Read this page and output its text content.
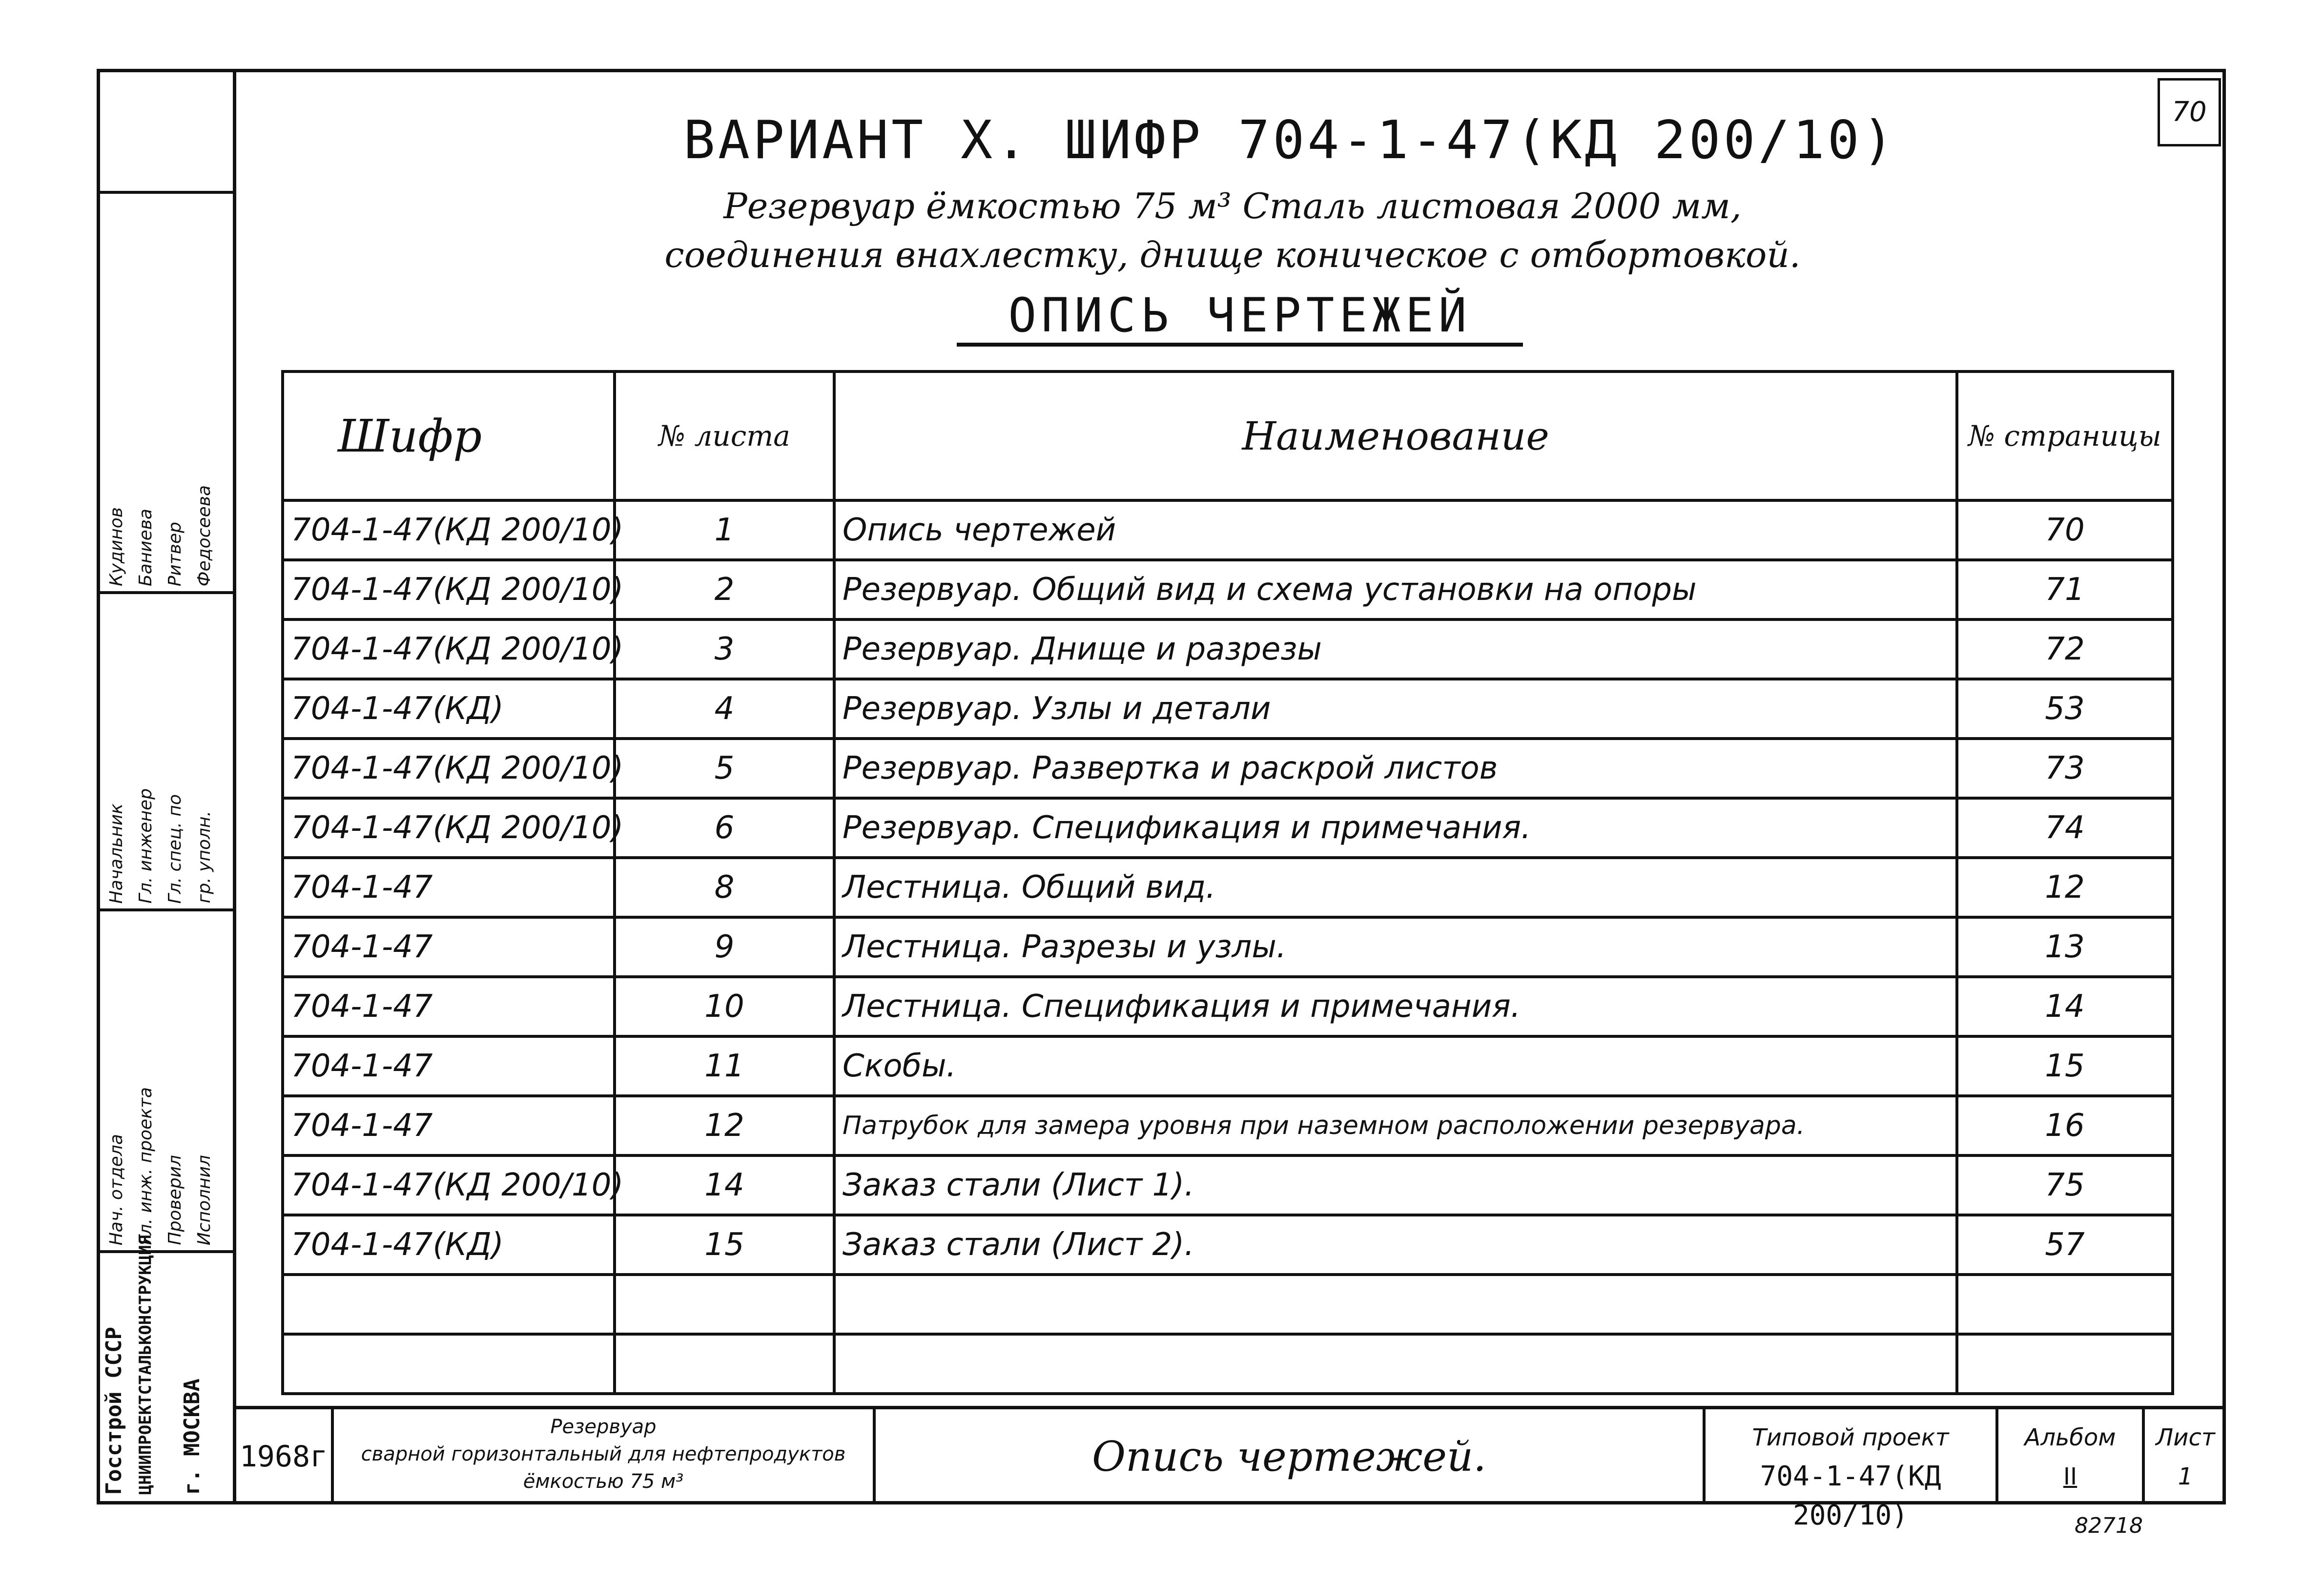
Кудинов Баниева Ритвер Федосеева
Начальник Гл. инженер Гл. спец. по гр. уполн.
Нач. отдела Гл. инж. проекта Проверил Исполнил
Госстрой СССР ЦНИИПРОЕКТСТАЛЬКОНСТРУКЦИЯ г. МОСКВА
70
ВАРИАНТ Х. ШИФР 704-1-47(КД 200/10)
Резервуар ёмкостью 75 м³ Сталь листовая 2000 мм,
соединения внахлестку, днище коническое с отбортовкой.
ОПИСЬ ЧЕРТЕЖЕЙ
Шифр	№ листа	Наименование	№ страницы
704-1-47(КД 200/10)	1	Опись чертежей	70
704-1-47(КД 200/10)	2	Резервуар. Общий вид и схема установки на опоры	71
704-1-47(КД 200/10)	3	Резервуар. Днище и разрезы	72
704-1-47(КД)	4	Резервуар. Узлы и детали	53
704-1-47(КД 200/10)	5	Резервуар. Развертка и раскрой листов	73
704-1-47(КД 200/10)	6	Резервуар. Спецификация и примечания.	74
704-1-47	8	Лестница. Общий вид.	12
704-1-47	9	Лестница. Разрезы и узлы.	13
704-1-47	10	Лестница. Спецификация и примечания.	14
704-1-47	11	Скобы.	15
704-1-47	12	Патрубок для замера уровня при наземном расположении резервуара.	16
704-1-47(КД 200/10)	14	Заказ стали (Лист 1).	75
704-1-47(КД)	15	Заказ стали (Лист 2).	57

1968г
Резервуар
сварной горизонтальный для нефтепродуктов
ёмкостью 75 м³
Опись чертежей.	Типовой проект
704-1-47(КД 200/10)
Альбом
II
Лист
1
82718
